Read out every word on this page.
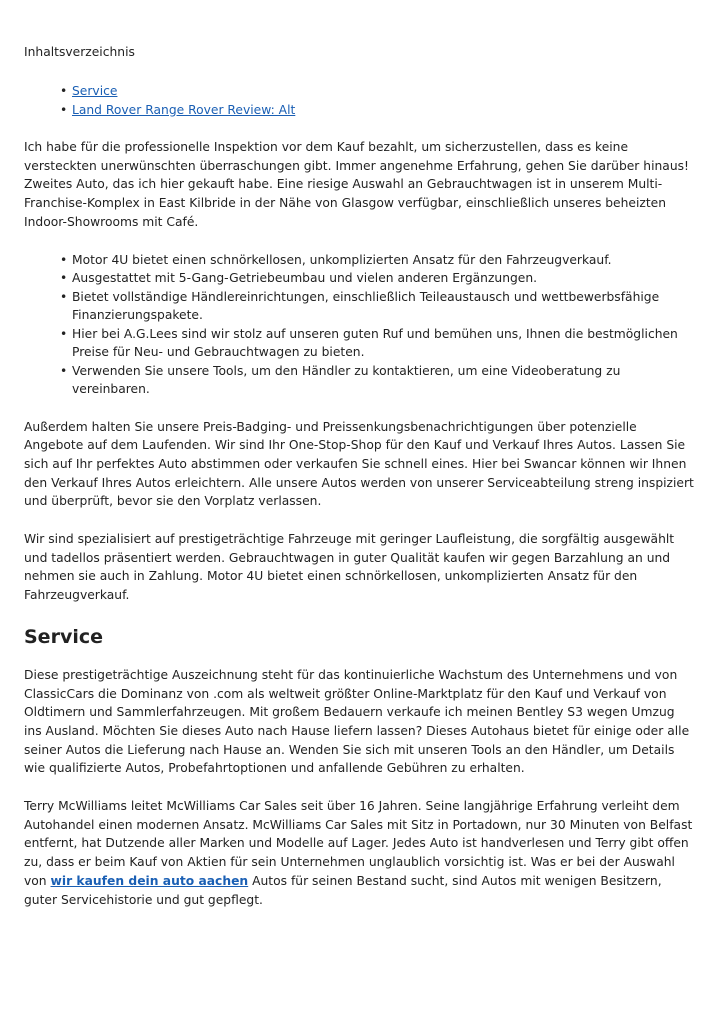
Inhaltsverzeichnis
• Service
• Land Rover Range Rover Review: Alt

Ich habe für die professionelle Inspektion vor dem Kauf bezahlt, um sicherzustellen, dass es keine versteckten unerwünschten überraschungen gibt. Immer angenehme Erfahrung, gehen Sie darüber hinaus! Zweites Auto, das ich hier gekauft habe. Eine riesige Auswahl an Gebrauchtwagen ist in unserem Multi-Franchise-Komplex in East Kilbride in der Nähe von Glasgow verfügbar, einschließlich unseres beheizten Indoor-Showrooms mit Café.

• Motor 4U bietet einen schnörkellosen, unkomplizierten Ansatz für den Fahrzeugverkauf.
• Ausgestattet mit 5-Gang-Getriebeumbau und vielen anderen Ergänzungen.
• Bietet vollständige Händlereinrichtungen, einschließlich Teileaustausch und wettbewerbsfähige Finanzierungspakete.
• Hier bei A.G.Lees sind wir stolz auf unseren guten Ruf und bemühen uns, Ihnen die bestmöglichen Preise für Neu- und Gebrauchtwagen zu bieten.
• Verwenden Sie unsere Tools, um den Händler zu kontaktieren, um eine Videoberatung zu vereinbaren.

Außerdem halten Sie unsere Preis-Badging- und Preissenkungsbenachrichtigungen über potenzielle Angebote auf dem Laufenden. Wir sind Ihr One-Stop-Shop für den Kauf und Verkauf Ihres Autos. Lassen Sie sich auf Ihr perfektes Auto abstimmen oder verkaufen Sie schnell eines. Hier bei Swancar können wir Ihnen den Verkauf Ihres Autos erleichtern. Alle unsere Autos werden von unserer Serviceabteilung streng inspiziert und überprüft, bevor sie den Vorplatz verlassen.

Wir sind spezialisiert auf prestigeträchtige Fahrzeuge mit geringer Laufleistung, die sorgfältig ausgewählt und tadellos präsentiert werden. Gebrauchtwagen in guter Qualität kaufen wir gegen Barzahlung an und nehmen sie auch in Zahlung. Motor 4U bietet einen schnörkellosen, unkomplizierten Ansatz für den Fahrzeugverkauf.

Service

Diese prestigeträchtige Auszeichnung steht für das kontinuierliche Wachstum des Unternehmens und von ClassicCars die Dominanz von .com als weltweit größter Online-Marktplatz für den Kauf und Verkauf von Oldtimern und Sammlerfahrzeugen. Mit großem Bedauern verkaufe ich meinen Bentley S3 wegen Umzug ins Ausland. Möchten Sie dieses Auto nach Hause liefern lassen? Dieses Autohaus bietet für einige oder alle seiner Autos die Lieferung nach Hause an. Wenden Sie sich mit unseren Tools an den Händler, um Details wie qualifizierte Autos, Probefahrtoptionen und anfallende Gebühren zu erhalten.

Terry McWilliams leitet McWilliams Car Sales seit über 16 Jahren. Seine langjährige Erfahrung verleiht dem Autohandel einen modernen Ansatz. McWilliams Car Sales mit Sitz in Portadown, nur 30 Minuten von Belfast entfernt, hat Dutzende aller Marken und Modelle auf Lager. Jedes Auto ist handverlesen und Terry gibt offen zu, dass er beim Kauf von Aktien für sein Unternehmen unglaublich vorsichtig ist. Was er bei der Auswahl von wir kaufen dein auto aachen Autos für seinen Bestand sucht, sind Autos mit wenigen Besitzern, guter Servicehistorie und gut gepflegt.
